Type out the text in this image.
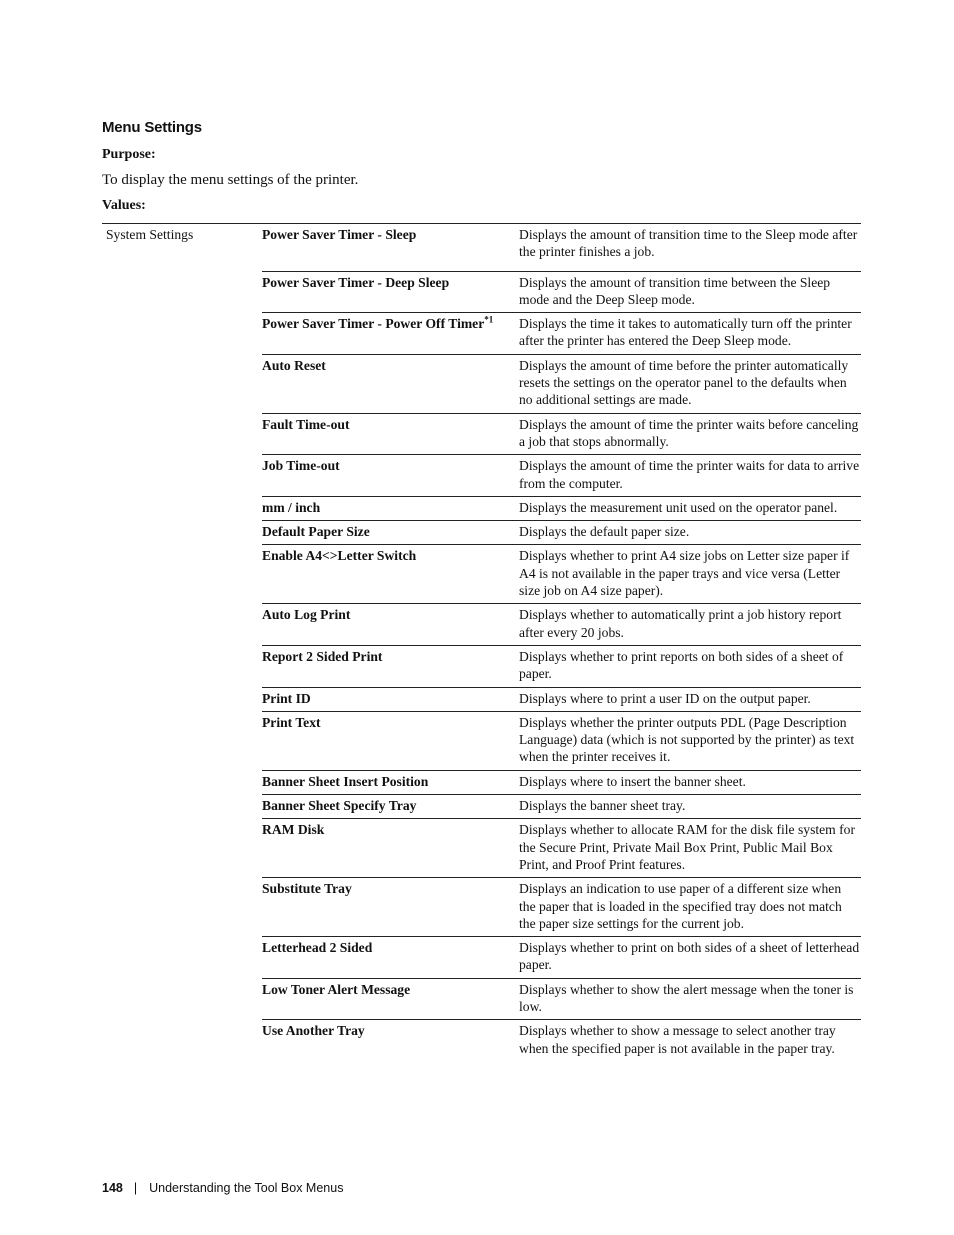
Menu Settings
Purpose:
To display the menu settings of the printer.
Values:
System Settings	Power Saver Timer - Sleep	Displays the amount of transition time to the Sleep mode after the printer finishes a job.
	Power Saver Timer - Deep Sleep	Displays the amount of transition time between the Sleep mode and the Deep Sleep mode.
	Power Saver Timer - Power Off Timer$^{*1}$	Displays the time it takes to automatically turn off the printer after the printer has entered the Deep Sleep mode.
	Auto Reset	Displays the amount of time before the printer automatically resets the settings on the operator panel to the defaults when no additional settings are made.
	Fault Time-out	Displays the amount of time the printer waits before canceling a job that stops abnormally.
	Job Time-out	Displays the amount of time the printer waits for data to arrive from the computer.
	mm / inch	Displays the measurement unit used on the operator panel.
	Default Paper Size	Displays the default paper size.
	Enable A4<>Letter Switch	Displays whether to print A4 size jobs on Letter size paper if A4 is not available in the paper trays and vice versa (Letter size job on A4 size paper).
	Auto Log Print	Displays whether to automatically print a job history report after every 20 jobs.
	Report 2 Sided Print	Displays whether to print reports on both sides of a sheet of paper.
	Print ID	Displays where to print a user ID on the output paper.
	Print Text	Displays whether the printer outputs PDL (Page Description Language) data (which is not supported by the printer) as text when the printer receives it.
	Banner Sheet Insert Position	Displays where to insert the banner sheet.
	Banner Sheet Specify Tray	Displays the banner sheet tray.
	RAM Disk	Displays whether to allocate RAM for the disk file system for the Secure Print, Private Mail Box Print, Public Mail Box Print, and Proof Print features.
	Substitute Tray	Displays an indication to use paper of a different size when the paper that is loaded in the specified tray does not match the paper size settings for the current job.
	Letterhead 2 Sided	Displays whether to print on both sides of a sheet of letterhead paper.
	Low Toner Alert Message	Displays whether to show the alert message when the toner is low.
	Use Another Tray	Displays whether to show a message to select another tray when the specified paper is not available in the paper tray.
148 | Understanding the Tool Box Menus
